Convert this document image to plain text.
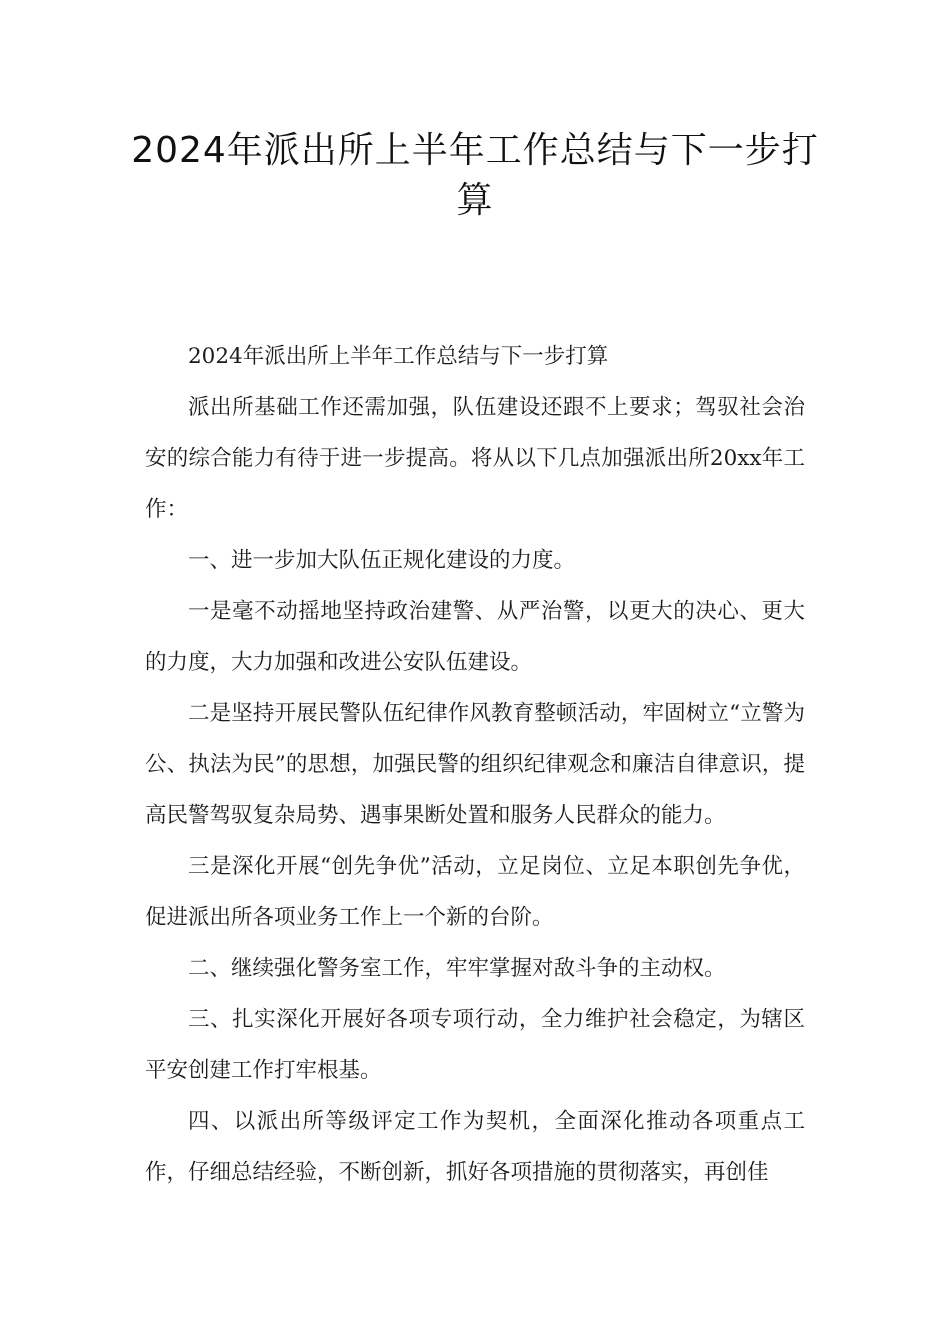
2024年派出所上半年工作总结与下一步打算

2024年派出所上半年工作总结与下一步打算

派出所基础工作还需加强，队伍建设还跟不上要求；驾驭社会治安的综合能力有待于进一步提高。将从以下几点加强派出所20xx年工作：

一、进一步加大队伍正规化建设的力度。

一是毫不动摇地坚持政治建警、从严治警，以更大的决心、更大的力度，大力加强和改进公安队伍建设。

二是坚持开展民警队伍纪律作风教育整顿活动，牢固树立“立警为公、执法为民”的思想，加强民警的组织纪律观念和廉洁自律意识，提高民警驾驭复杂局势、遇事果断处置和服务人民群众的能力。

三是深化开展“创先争优”活动，立足岗位、立足本职创先争优，促进派出所各项业务工作上一个新的台阶。

二、继续强化警务室工作，牢牢掌握对敌斗争的主动权。

三、扎实深化开展好各项专项行动，全力维护社会稳定，为辖区平安创建工作打牢根基。

四、以派出所等级评定工作为契机，全面深化推动各项重点工作，仔细总结经验，不断创新，抓好各项措施的贯彻落实，再创佳
